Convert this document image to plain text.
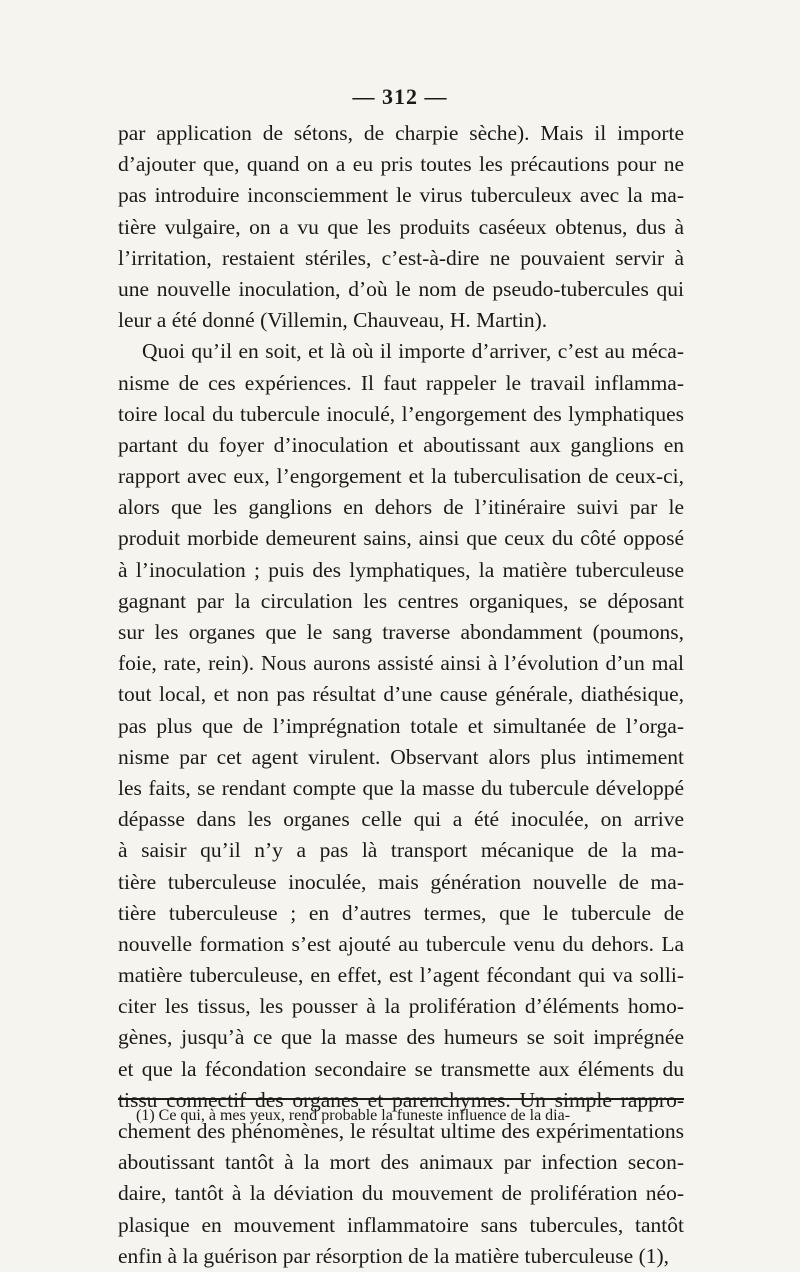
— 312 —
par application de sétons, de charpie sèche). Mais il importe
d’ajouter que, quand on a eu pris toutes les précautions pour ne
pas introduire inconsciemment le virus tuberculeux avec la ma-
tière vulgaire, on a vu que les produits caséeux obtenus, dus à
l’irritation, restaient stériles, c’est-à-dire ne pouvaient servir à
une nouvelle inoculation, d’où le nom de pseudo-tubercules qui
leur a été donné (Villemin, Chauveau, H. Martin).
Quoi qu’il en soit, et là où il importe d’arriver, c’est au méca-
nisme de ces expériences. Il faut rappeler le travail inflamma-
toire local du tubercule inoculé, l’engorgement des lymphatiques
partant du foyer d’inoculation et aboutissant aux ganglions en
rapport avec eux, l’engorgement et la tuberculisation de ceux-ci,
alors que les ganglions en dehors de l’itinéraire suivi par le
produit morbide demeurent sains, ainsi que ceux du côté opposé
à l’inoculation ; puis des lymphatiques, la matière tuberculeuse
gagnant par la circulation les centres organiques, se déposant
sur les organes que le sang traverse abondamment (poumons,
foie, rate, rein). Nous aurons assisté ainsi à l’évolution d’un mal
tout local, et non pas résultat d’une cause générale, diathésique,
pas plus que de l’imprégnation totale et simultanée de l’orga-
nisme par cet agent virulent. Observant alors plus intimement
les faits, se rendant compte que la masse du tubercule développé
dépasse dans les organes celle qui a été inoculée, on arrive
à saisir qu’il n’y a pas là transport mécanique de la ma-
tière tuberculeuse inoculée, mais génération nouvelle de ma-
tière tuberculeuse ; en d’autres termes, que le tubercule de
nouvelle formation s’est ajouté au tubercule venu du dehors. La
matière tuberculeuse, en effet, est l’agent fécondant qui va solli-
citer les tissus, les pousser à la prolifération d’éléments homo-
gènes, jusqu’à ce que la masse des humeurs se soit imprégnée
et que la fécondation secondaire se transmette aux éléments du
tissu connectif des organes et parenchymes. Un simple rappro-
chement des phénomènes, le résultat ultime des expérimentations
aboutissant tantôt à la mort des animaux par infection secon-
daire, tantôt à la déviation du mouvement de prolifération néo-
plasique en mouvement inflammatoire sans tubercules, tantôt
enfin à la guérison par résorption de la matière tuberculeuse (1),
(1) Ce qui, à mes yeux, rend probable la funeste influence de la dia-
